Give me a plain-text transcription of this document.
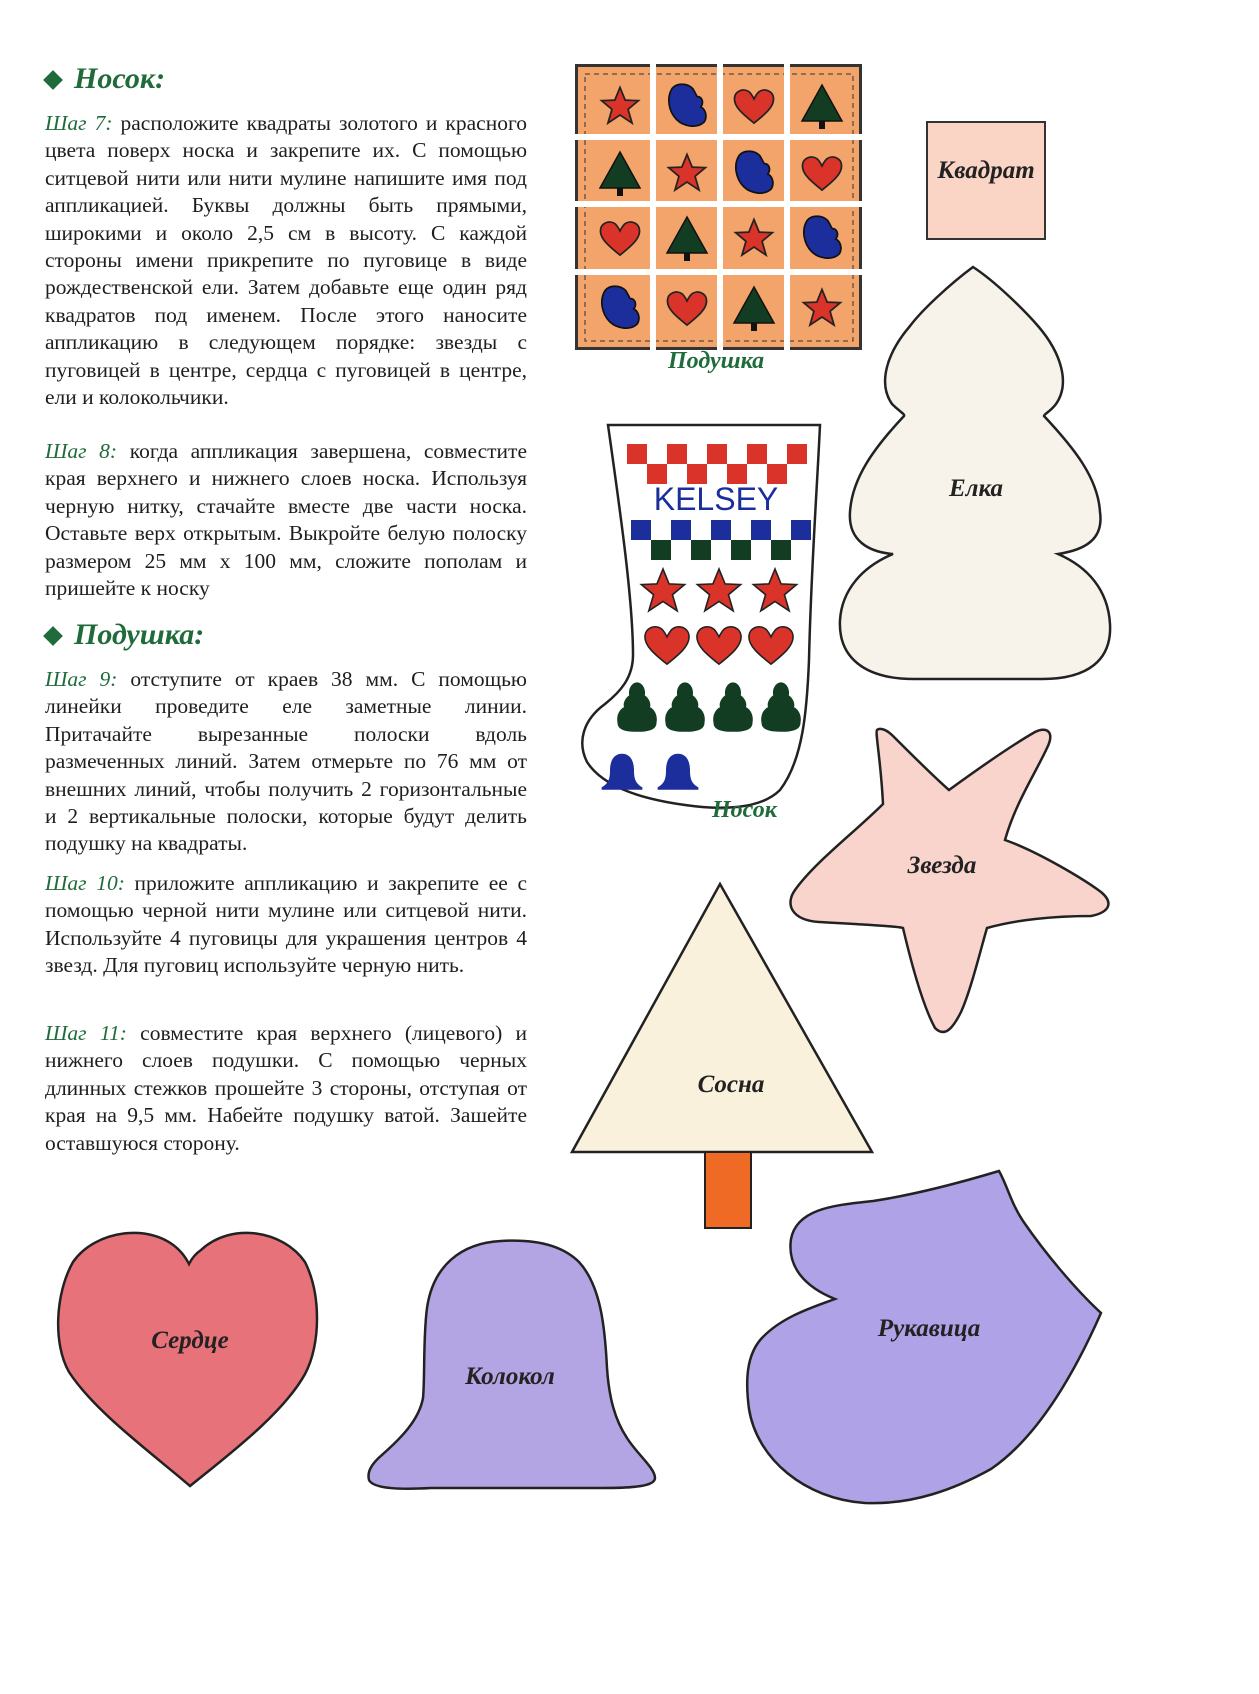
Носок:

Шаг 7: расположите квадраты золотого и красного цвета поверх носка и закрепите их. С помощью ситцевой нити или нити мулине напишите имя под аппликацией. Буквы должны быть прямыми, широкими и около 2,5 см в высоту. С каждой стороны имени прикрепите по пуговице в виде рождественской ели. Затем добавьте еще один ряд квадратов под именем. После этого наносите аппликацию в следующем порядке: звезды с пуговицей в центре, сердца с пуговицей в центре, ели и колокольчики.

Шаг 8: когда аппликация завершена, совместите края верхнего и нижнего слоев носка. Используя черную нитку, стачайте вместе две части носка. Оставьте верх открытым. Выкройте белую полоску размером 25 мм х 100 мм, сложите пополам и пришейте к носку

Подушка:

Шаг 9: отступите от краев 38 мм. С помощью линейки проведите еле заметные линии. Притачайте вырезанные полоски вдоль размеченных линий. Затем отмерьте по 76 мм от внешних линий, чтобы получить 2 горизонтальные и 2 вертикальные полоски, которые будут делить подушку на квадраты.

Шаг 10: приложите аппликацию и закрепите ее с помощью черной нити мулине или ситцевой нити. Используйте 4 пуговицы для украшения центров 4 звезд. Для пуговиц используйте черную нить.

Шаг 11: совместите края верхнего (лицевого) и нижнего слоев подушки. С помощью черных длинных стежков прошейте 3 стороны, отступая от края на 9,5 мм. Набейте подушку ватой. Зашейте оставшуюся сторону.

Подушка
Квадрат
KELSEY
Носок
Елка
Звезда
Сосна
Сердце
Колокол
Рукавица
